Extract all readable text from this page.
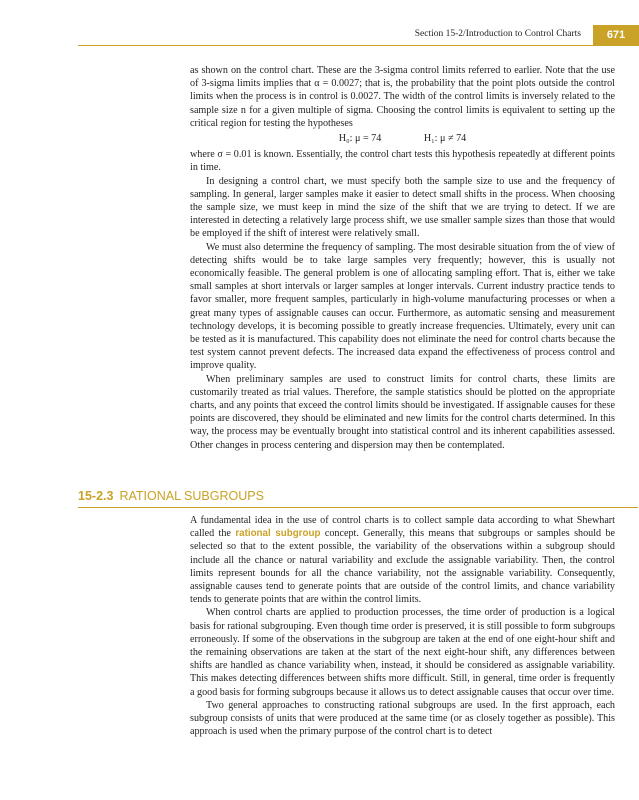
Section 15-2/Introduction to Control Charts	671

as shown on the control chart. These are the 3-sigma control limits referred to earlier. Note that the use of 3-sigma limits implies that α = 0.0027; that is, the probability that the point plots outside the control limits when the process is in control is 0.0027. The width of the control limits is inversely related to the sample size n for a given multiple of sigma. Choosing the control limits is equivalent to setting up the critical region for testing the hypotheses

H₀: μ = 74	H₁: μ ≠ 74

where σ = 0.01 is known. Essentially, the control chart tests this hypothesis repeatedly at different points in time.

In designing a control chart, we must specify both the sample size to use and the frequency of sampling. In general, larger samples make it easier to detect small shifts in the process. When choosing the sample size, we must keep in mind the size of the shift that we are trying to detect. If we are interested in detecting a relatively large process shift, we use smaller sample sizes than those that would be employed if the shift of interest were relatively small.

We must also determine the frequency of sampling. The most desirable situation from the of view of detecting shifts would be to take large samples very frequently; however, this is usually not economically feasible. The general problem is one of allocating sampling effort. That is, either we take small samples at short intervals or larger samples at longer intervals. Current industry practice tends to favor smaller, more frequent samples, particularly in high-volume manufacturing processes or when a great many types of assignable causes can occur. Furthermore, as automatic sensing and measurement technology develops, it is becoming possible to greatly increase frequencies. Ultimately, every unit can be tested as it is manufactured. This capability does not eliminate the need for control charts because the test system cannot prevent defects. The increased data expand the effectiveness of process control and improve quality.

When preliminary samples are used to construct limits for control charts, these limits are customarily treated as trial values. Therefore, the sample statistics should be plotted on the appropriate charts, and any points that exceed the control limits should be investigated. If assignable causes for these points are discovered, they should be eliminated and new limits for the control charts determined. In this way, the process may be eventually brought into statistical control and its inherent capabilities assessed. Other changes in process centering and dispersion may then be contemplated.

15-2.3 RATIONAL SUBGROUPS

A fundamental idea in the use of control charts is to collect sample data according to what Shewhart called the rational subgroup concept. Generally, this means that subgroups or samples should be selected so that to the extent possible, the variability of the observations within a subgroup should include all the chance or natural variability and exclude the assignable variability. Then, the control limits represent bounds for all the chance variability, not the assignable variability. Consequently, assignable causes tend to generate points that are outside of the control limits, and chance variability tends to generate points that are within the control limits.

When control charts are applied to production processes, the time order of production is a logical basis for rational subgrouping. Even though time order is preserved, it is still possible to form subgroups erroneously. If some of the observations in the subgroup are taken at the end of one eight-hour shift and the remaining observations are taken at the start of the next eight-hour shift, any differences between shifts are handled as chance variability when, instead, it should be considered as assignable variability. This makes detecting differences between shifts more difficult. Still, in general, time order is frequently a good basis for forming subgroups because it allows us to detect assignable causes that occur over time.

Two general approaches to constructing rational subgroups are used. In the first approach, each subgroup consists of units that were produced at the same time (or as closely together as possible). This approach is used when the primary purpose of the control chart is to detect
